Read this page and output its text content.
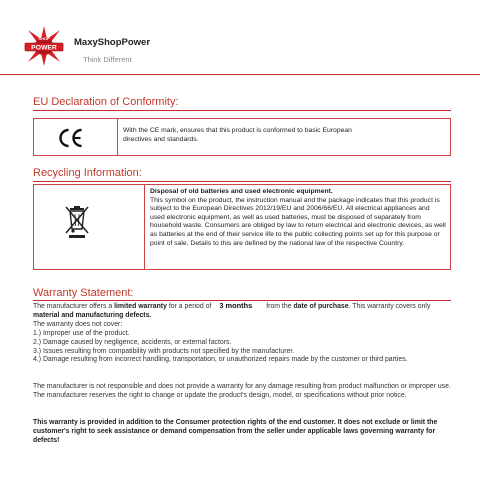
SHOP
POWER
MaxyShopPower
Think Different
EU Declaration of Conformity:
With the CE mark, ensures that this product is conformed to basic European directives and standards.
Recycling Information:
Disposal of old batteries and used electronic equipment.
This symbol on the product, the instruction manual and the package indicates that this product is subject to the European Directives 2012/19/EU and 2006/66/EU. All electrical appliances and used electronic equipment, as well as used batteries, must be disposed of separately from household waste. Consumers are obliged by law to return electrical and electronic devices, as well as batteries at the end of their service life to the public collecting points set up for this purpose or point of sale. Details to this are defined by the national law of the respective Country.
Warranty Statement:

The manufacturer offers a limited warranty for a period of 3 months from the date of purchase. This warranty covers only material and manufacturing defects.

The warranty does not cover:

1.) Improper use of the product.

2.) Damage caused by negligence, accidents, or external factors.

3.) Issues resulting from compatibility with products not specified by the manufacturer.

4.) Damage resulting from incorrect handling, transportation, or unauthorized repairs made by the customer or third parties.

The manufacturer is not responsible and does not provide a warranty for any damage resulting from product malfunction or improper use. The manufacturer reserves the right to change or update the product's design, model, or specifications without prior notice.

This warranty is provided in addition to the Consumer protection rights of the end customer. It does not exclude or limit the customer's right to seek assistance or demand compensation from the seller under applicable laws governing warranty for defects!
